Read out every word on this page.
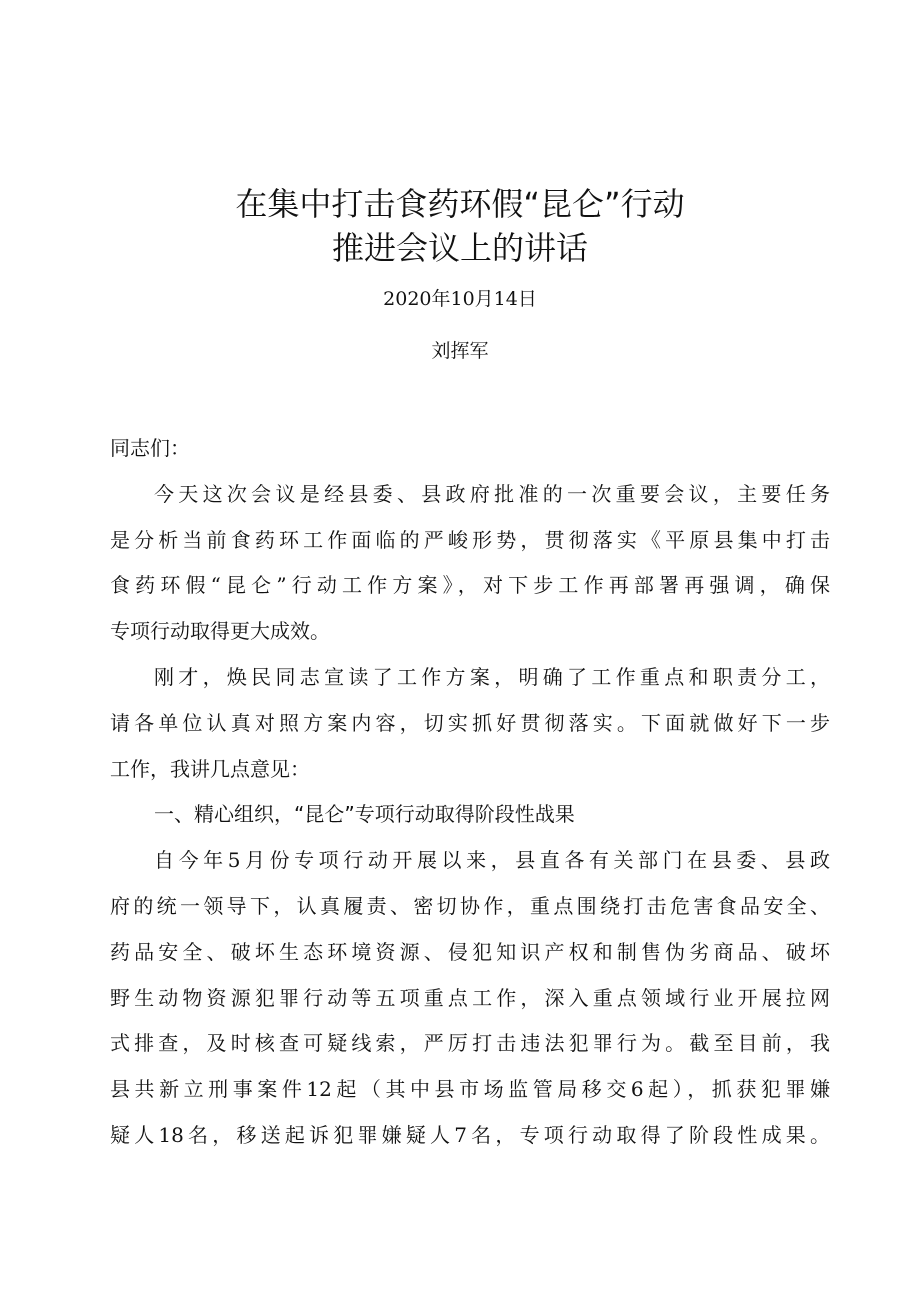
在集中打击食药环假“昆仑”行动
推进会议上的讲话
2020年10月14日
刘挥军
同志们：
今天这次会议是经县委、县政府批准的一次重要会议，主要任务
是分析当前食药环工作面临的严峻形势，贯彻落实《平原县集中打击
食药环假“昆仑”行动工作方案》，对下步工作再部署再强调，确保
专项行动取得更大成效。
刚才，焕民同志宣读了工作方案，明确了工作重点和职责分工，
请各单位认真对照方案内容，切实抓好贯彻落实。下面就做好下一步
工作，我讲几点意见：
一、精心组织，“昆仑”专项行动取得阶段性战果
自今年5月份专项行动开展以来，县直各有关部门在县委、县政
府的统一领导下，认真履责、密切协作，重点围绕打击危害食品安全、
药品安全、破坏生态环境资源、侵犯知识产权和制售伪劣商品、破坏
野生动物资源犯罪行动等五项重点工作，深入重点领域行业开展拉网
式排查，及时核查可疑线索，严厉打击违法犯罪行为。截至目前，我
县共新立刑事案件12起（其中县市场监管局移交6起），抓获犯罪嫌
疑人18名，移送起诉犯罪嫌疑人7名，专项行动取得了阶段性成果。
